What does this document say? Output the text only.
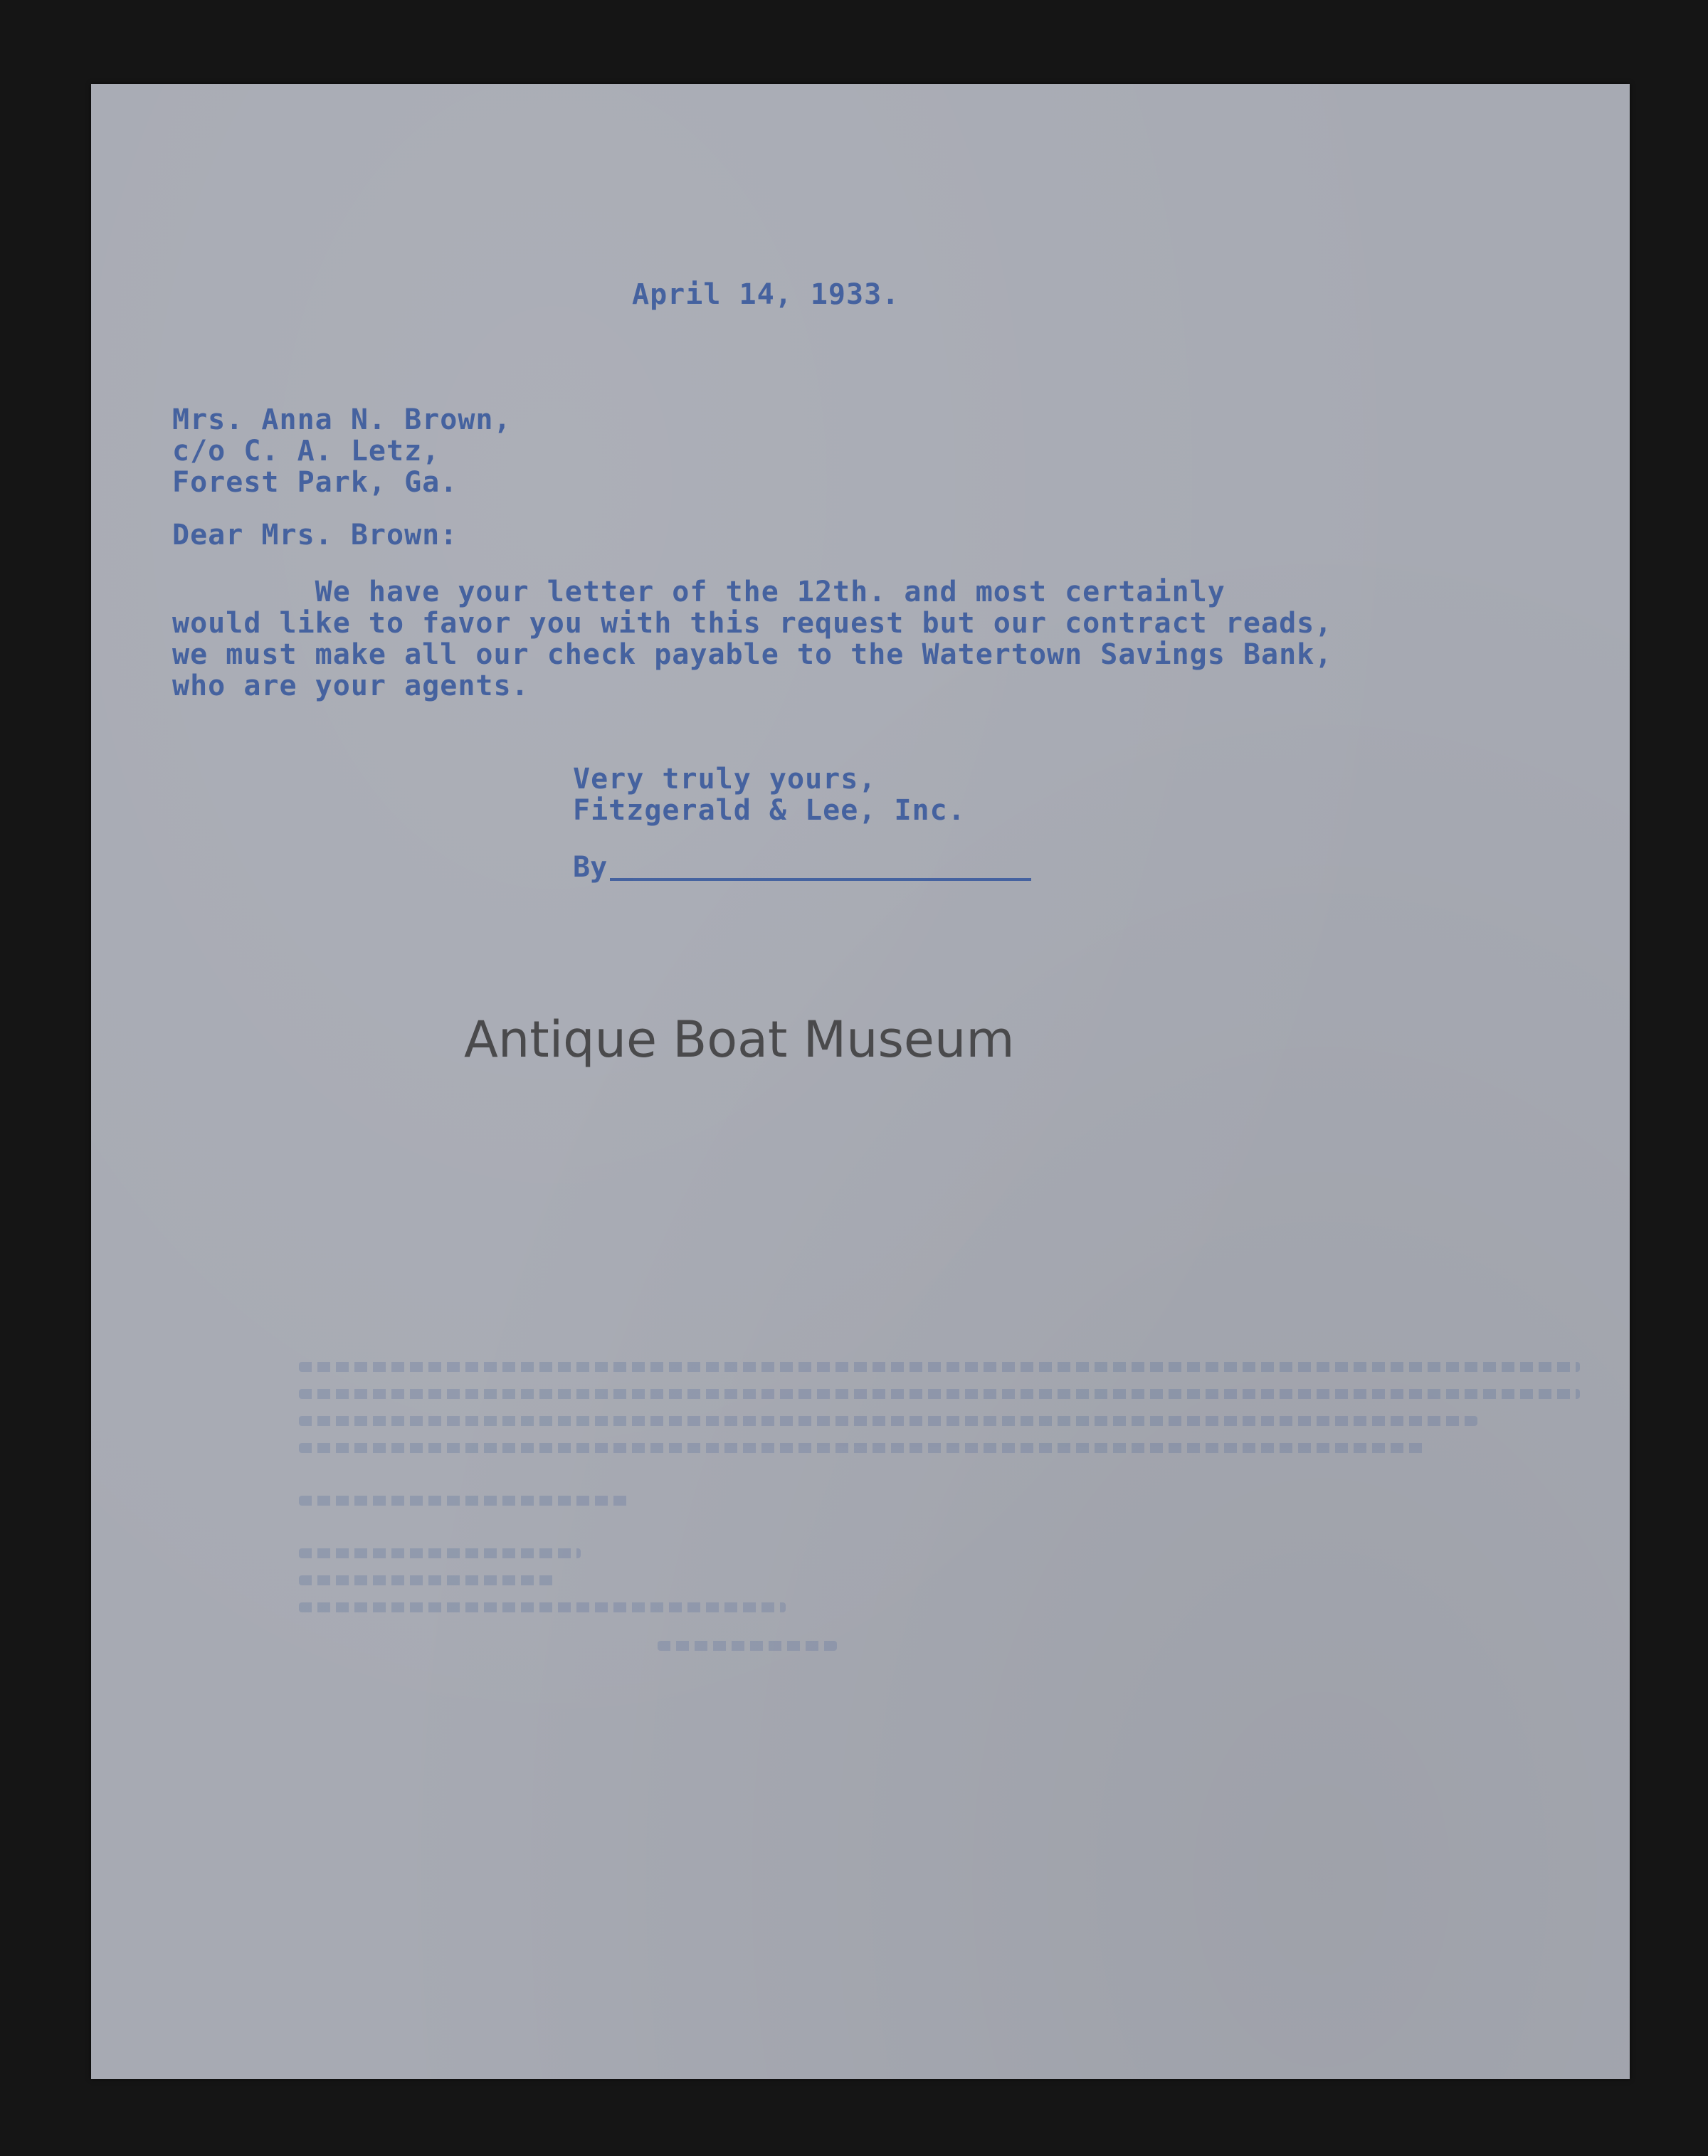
April 14, 1933.
Mrs. Anna N. Brown,
c/o C. A. Letz,
Forest Park, Ga.
Dear Mrs. Brown:
We have your letter of the 12th. and most certainly
would like to favor you with this request but our contract reads,
we must make all our check payable to the Watertown Savings Bank,
who are your agents.
Very truly yours,
Fitzgerald & Lee, Inc.
By
Antique Boat Museum
